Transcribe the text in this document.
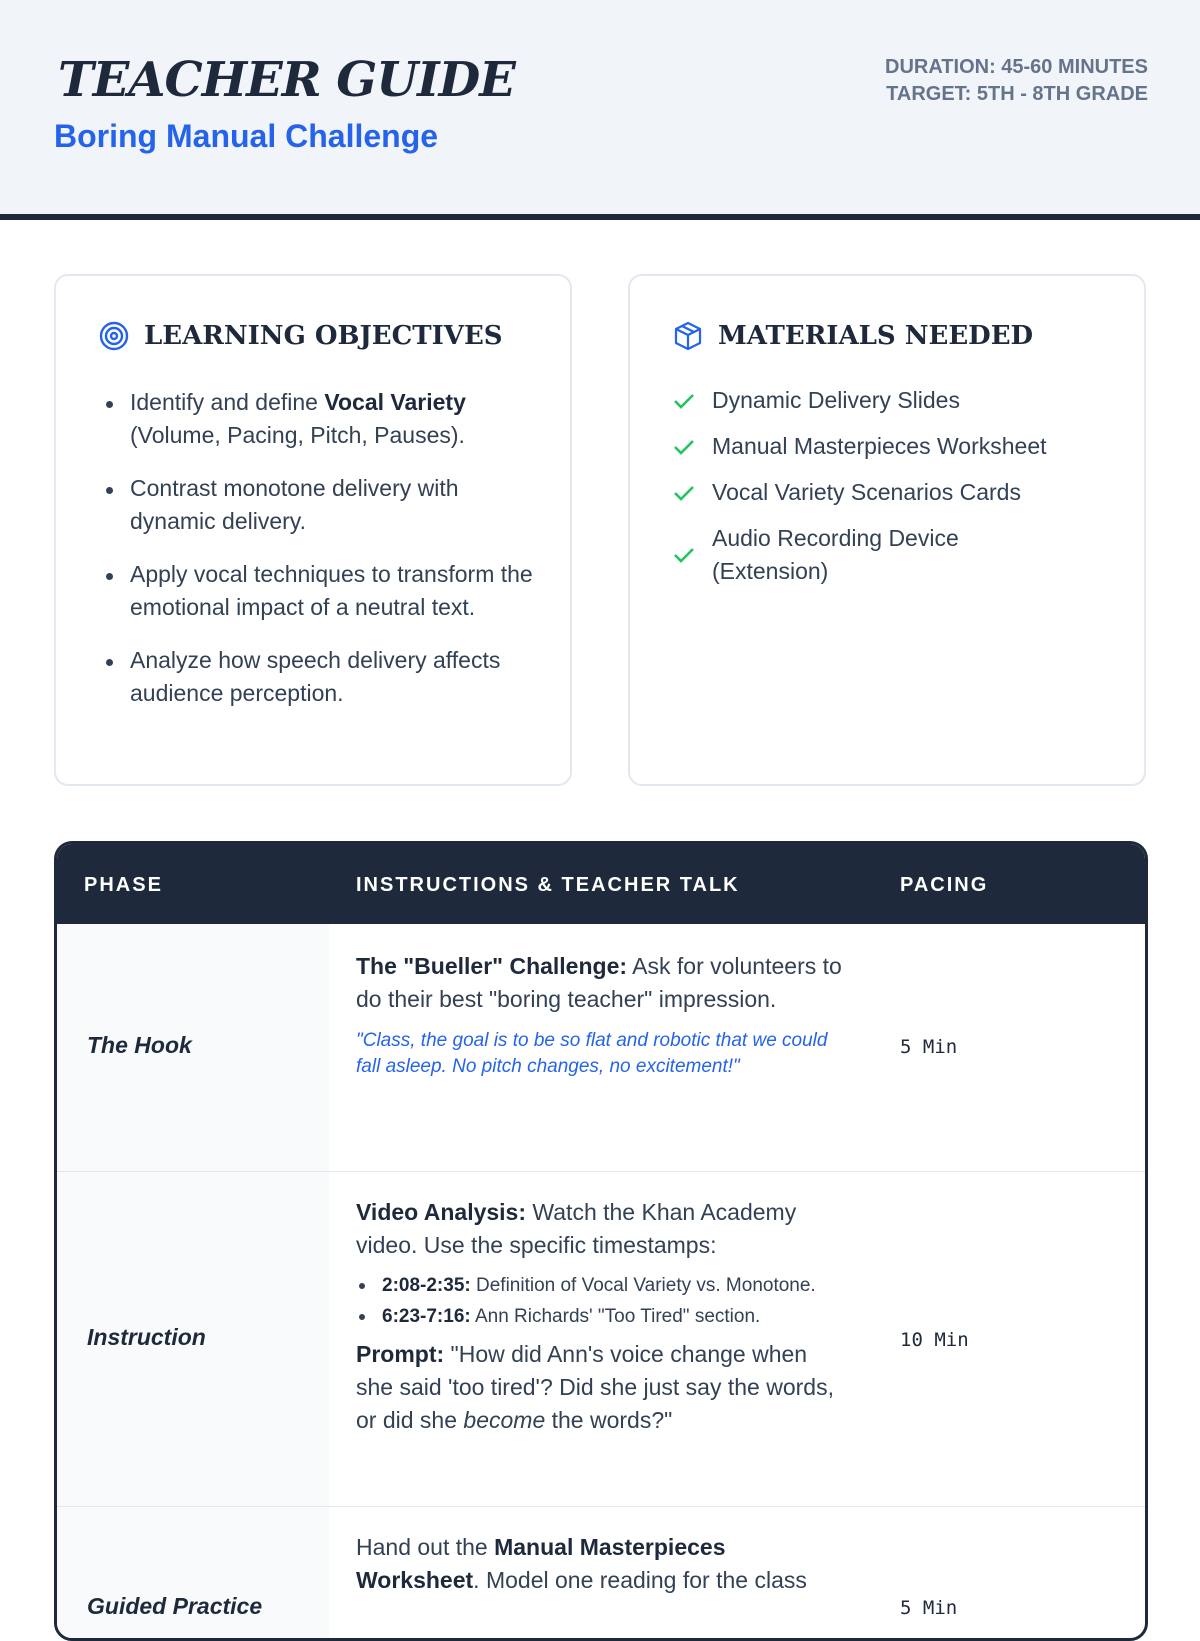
TEACHER GUIDE
Boring Manual Challenge
DURATION: 45-60 MINUTES
TARGET: 5TH - 8TH GRADE
LEARNING OBJECTIVES
Identify and define Vocal Variety (Volume, Pacing, Pitch, Pauses).
Contrast monotone delivery with dynamic delivery.
Apply vocal techniques to transform the emotional impact of a neutral text.
Analyze how speech delivery affects audience perception.
MATERIALS NEEDED
Dynamic Delivery Slides
Manual Masterpieces Worksheet
Vocal Variety Scenarios Cards
Audio Recording Device (Extension)
PHASE	INSTRUCTIONS & TEACHER TALK	PACING
The Hook
The "Bueller" Challenge: Ask for volunteers to do their best "boring teacher" impression.
"Class, the goal is to be so flat and robotic that we could fall asleep. No pitch changes, no excitement!"
5 Min
Instruction
Video Analysis: Watch the Khan Academy video. Use the specific timestamps:
2:08-2:35: Definition of Vocal Variety vs. Monotone.
6:23-7:16: Ann Richards' "Too Tired" section.
Prompt: "How did Ann's voice change when she said 'too tired'? Did she just say the words, or did she become the words?"
10 Min
Guided Practice
Hand out the Manual Masterpieces Worksheet. Model one reading for the class
5 Min
